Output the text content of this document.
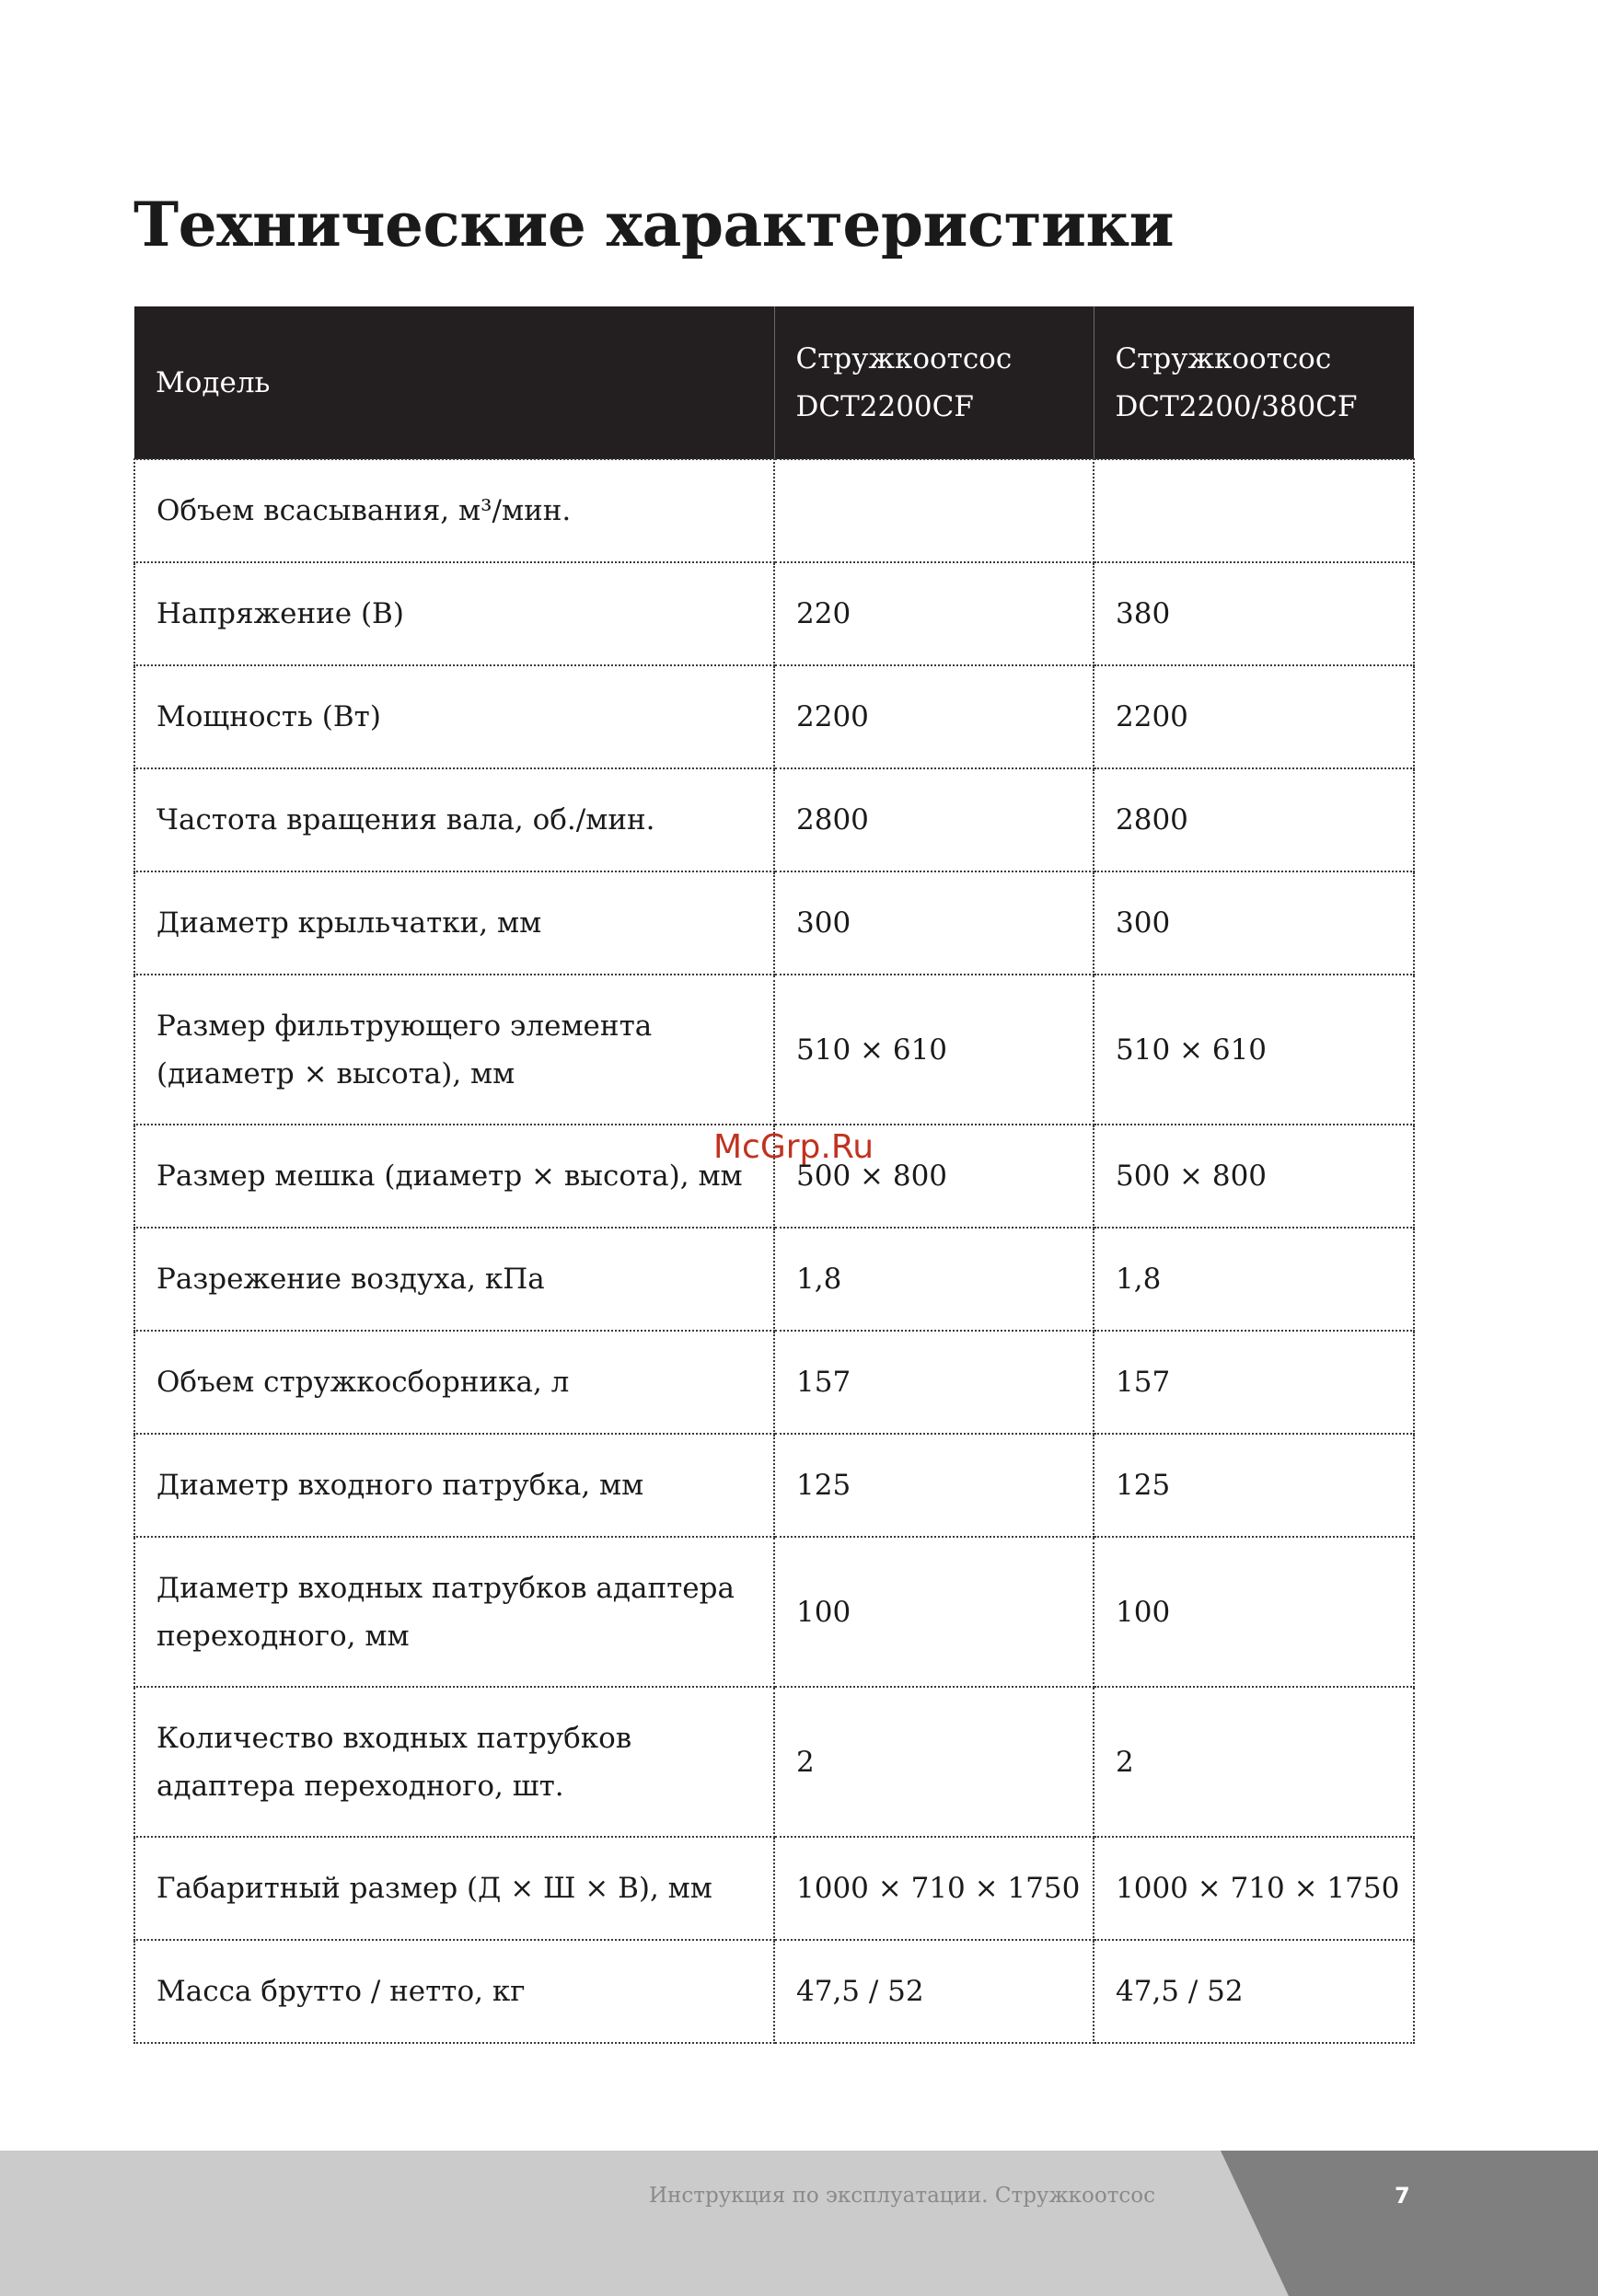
Технические характеристики
Модель	Стружкоотсос DCT2200CF	Стружкоотсос DCT2200/380CF
Объем всасывания, м³/мин.		
Напряжение (В)	220	380
Мощность (Вт)	2200	2200
Частота вращения вала, об./мин.	2800	2800
Диаметр крыльчатки, мм	300	300
Размер фильтрующего элемента (диаметр × высота), мм	510 × 610	510 × 610
Размер мешка (диаметр × высота), мм	500 × 800	500 × 800
Разрежение воздуха, кПа	1,8	1,8
Объем стружкосборника, л	157	157
Диаметр входного патрубка, мм	125	125
Диаметр входных патрубков адаптера переходного, мм	100	100
Количество входных патрубков адаптера переходного, шт.	2	2
Габаритный размер (Д × Ш × В), мм	1000 × 710 × 1750	1000 × 710 × 1750
Масса брутто / нетто, кг	47,5 / 52	47,5 / 52
McGrp.Ru
Инструкция по эксплуатации. Стружкоотсос	7
